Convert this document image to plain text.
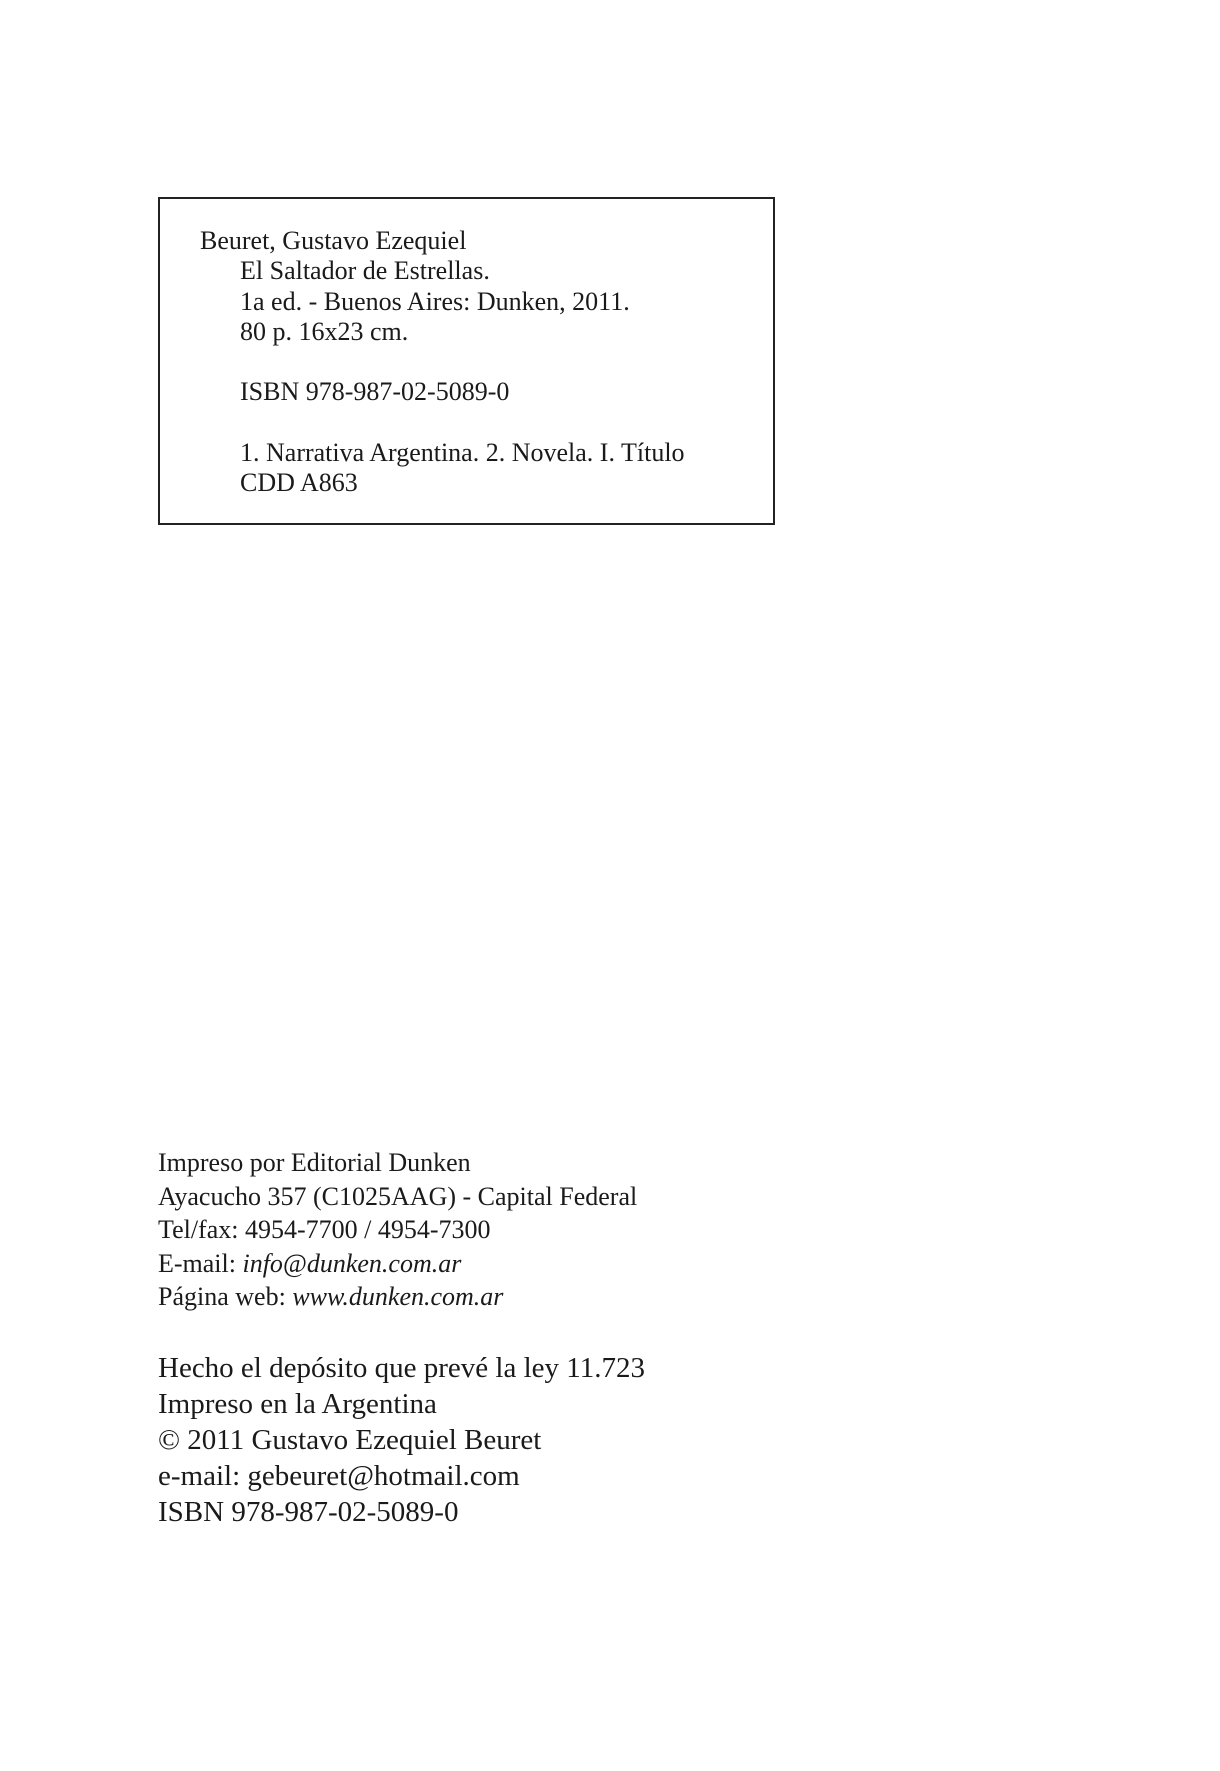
Beuret, Gustavo Ezequiel
El Saltador de Estrellas.
1a ed. - Buenos Aires: Dunken, 2011.
80 p. 16x23 cm.
ISBN 978-987-02-5089-0
1. Narrativa Argentina. 2. Novela. I. Título
CDD A863
Impreso por Editorial Dunken
Ayacucho 357 (C1025AAG) - Capital Federal
Tel/fax: 4954-7700 / 4954-7300
E-mail: info@dunken.com.ar
Página web: www.dunken.com.ar
Hecho el depósito que prevé la ley 11.723
Impreso en la Argentina
© 2011 Gustavo Ezequiel Beuret
e-mail: gebeuret@hotmail.com
ISBN 978-987-02-5089-0
